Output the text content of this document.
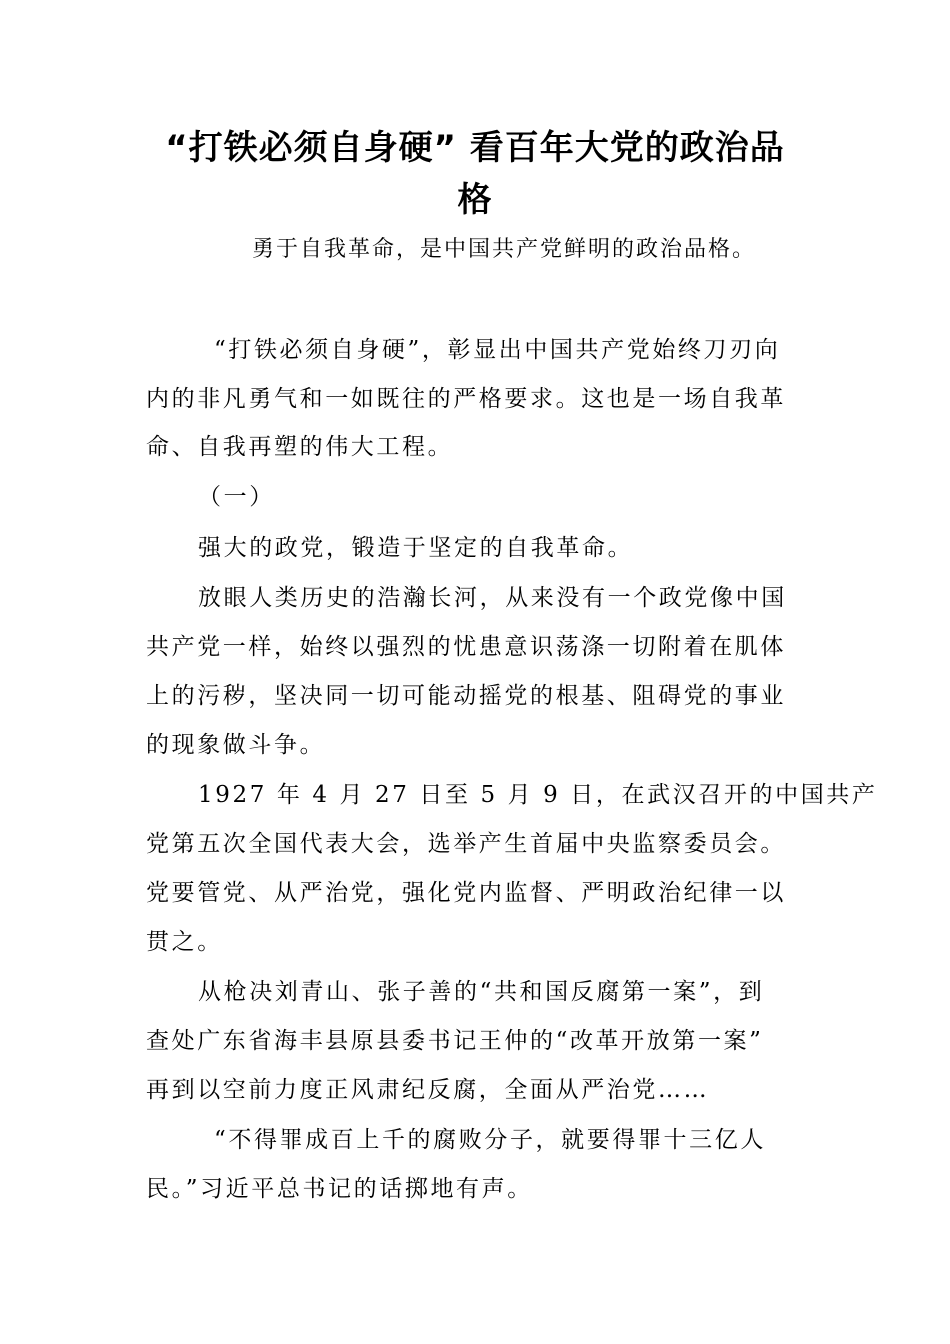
“打铁必须自身硬” 看百年大党的政治品
格

勇于自我革命，是中国共产党鲜明的政治品格。

“打铁必须自身硬”，彰显出中国共产党始终刀刃向

内的非凡勇气和一如既往的严格要求。这也是一场自我革

命、自我再塑的伟大工程。

（一）

强大的政党，锻造于坚定的自我革命。

放眼人类历史的浩瀚长河，从来没有一个政党像中国

共产党一样，始终以强烈的忧患意识荡涤一切附着在肌体

上的污秽，坚决同一切可能动摇党的根基、阻碍党的事业

的现象做斗争。

1927 年 4 月 27 日至 5 月 9 日，在武汉召开的中国共产

党第五次全国代表大会，选举产生首届中央监察委员会。

党要管党、从严治党，强化党内监督、严明政治纪律一以

贯之。

从枪决刘青山、张子善的“共和国反腐第一案”，到

查处广东省海丰县原县委书记王仲的“改革开放第一案”

再到以空前力度正风肃纪反腐，全面从严治党……

“不得罪成百上千的腐败分子，就要得罪十三亿人

民。”习近平总书记的话掷地有声。
